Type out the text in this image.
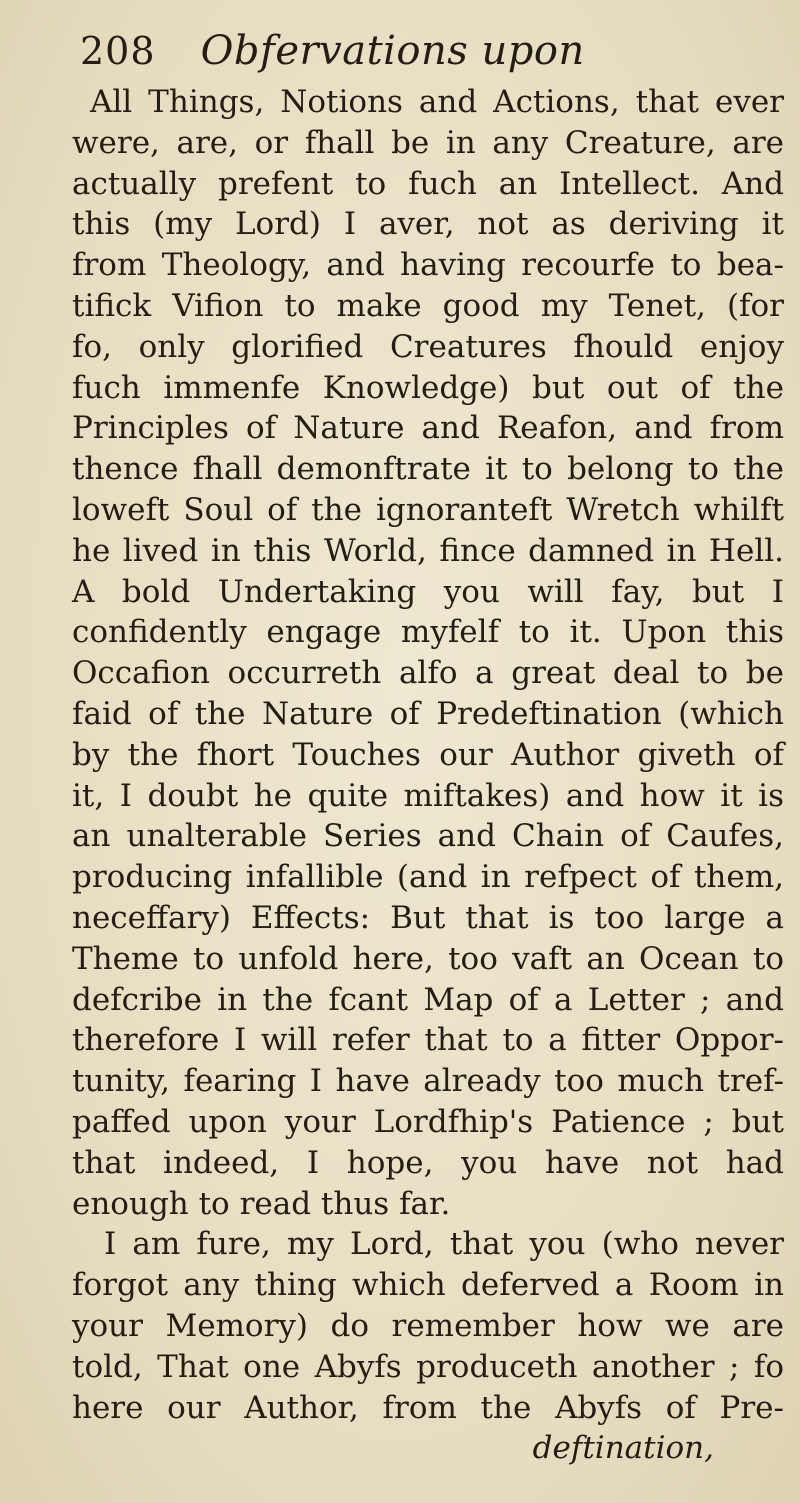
208 Obfervations upon
All Things, Notions and Actions, that ever
were, are, or fhall be in any Creature, are
actually prefent to fuch an Intellect. And
this (my Lord) I aver, not as deriving it
from Theology, and having recourfe to bea-
tifick Vifion to make good my Tenet, (for
fo, only glorified Creatures fhould enjoy
fuch immenfe Knowledge) but out of the
Principles of Nature and Reafon, and from
thence fhall demonftrate it to belong to the
loweft Soul of the ignoranteft Wretch whilft
he lived in this World, fince damned in Hell.
A bold Undertaking you will fay, but I
confidently engage myfelf to it. Upon this
Occafion occurreth alfo a great deal to be
faid of the Nature of Predeftination (which
by the fhort Touches our Author giveth of
it, I doubt he quite miftakes) and how it is
an unalterable Series and Chain of Caufes,
producing infallible (and in refpect of them,
neceffary) Effects: But that is too large a
Theme to unfold here, too vaft an Ocean to
defcribe in the fcant Map of a Letter ; and
therefore I will refer that to a fitter Oppor-
tunity, fearing I have already too much tref-
paffed upon your Lordfhip's Patience ; but
that indeed, I hope, you have not had
enough to read thus far.
I am fure, my Lord, that you (who never
forgot any thing which deferved a Room in
your Memory) do remember how we are
told, That one Abyfs produceth another ; fo
here our Author, from the Abyfs of Pre-
deftination,
